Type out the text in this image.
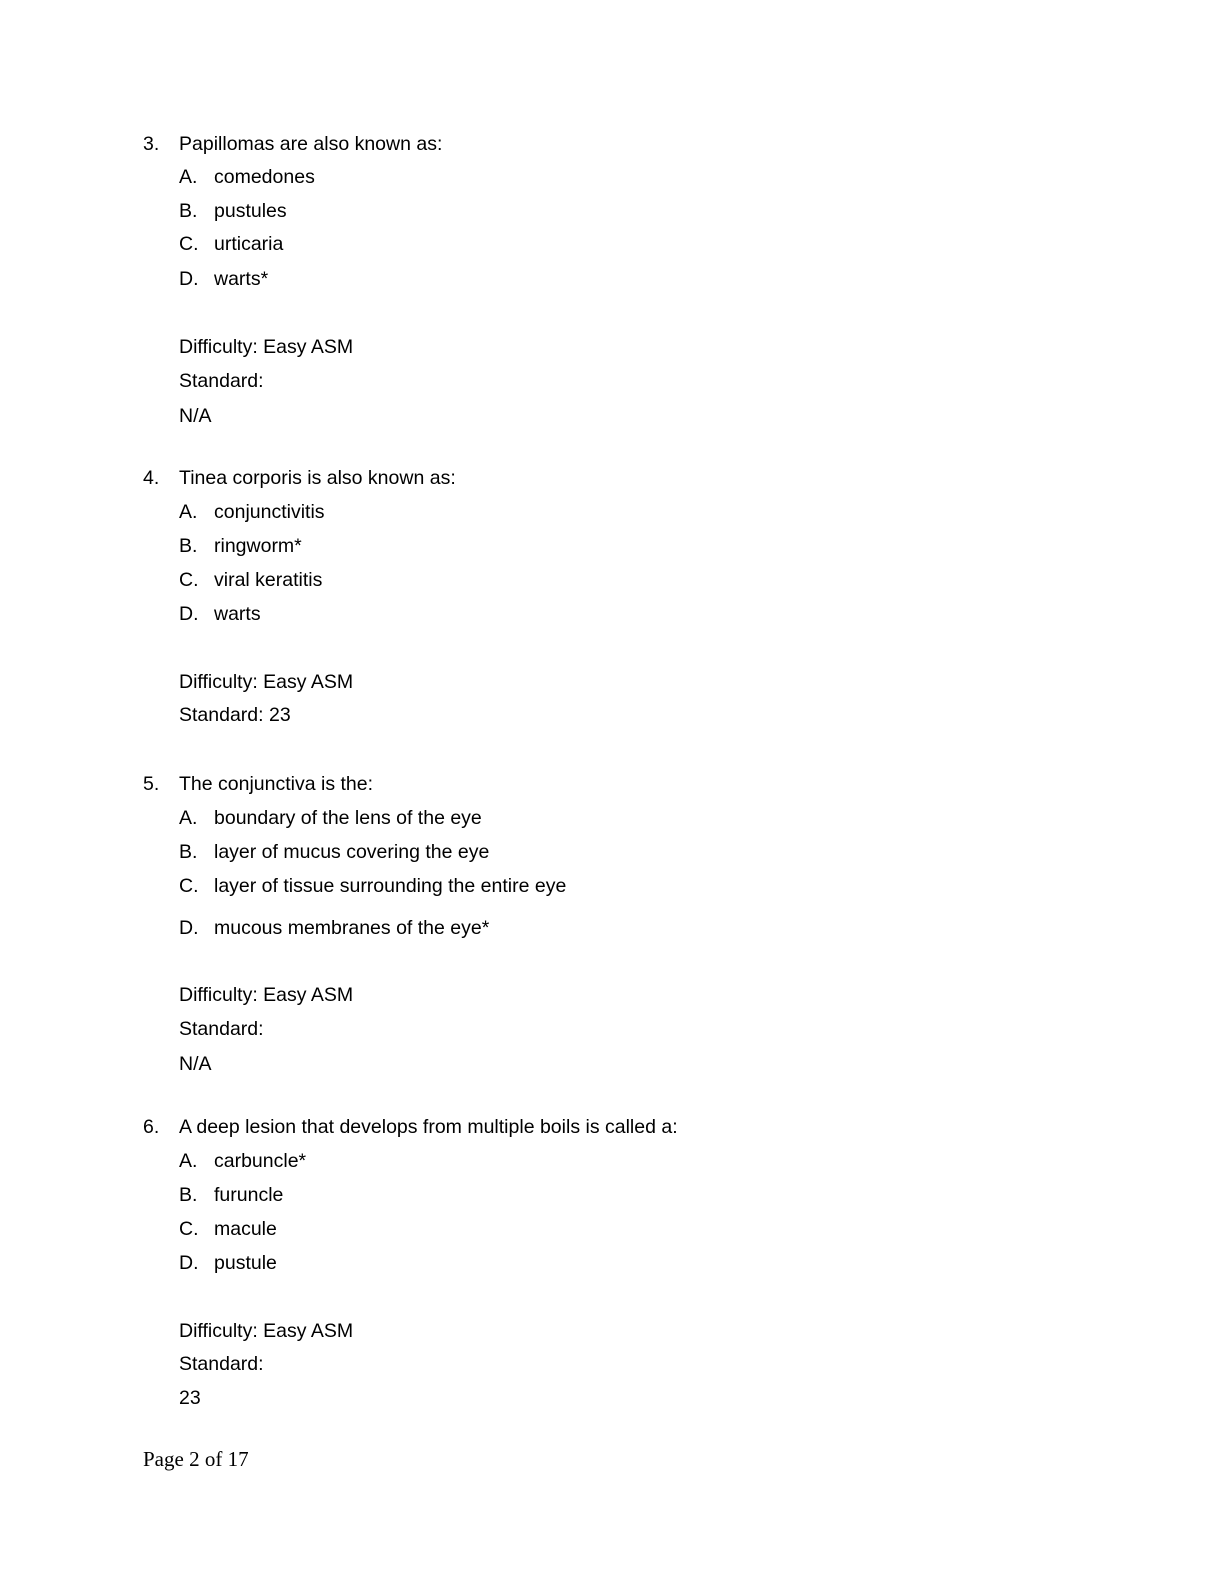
3. Papillomas are also known as:
A. comedones
B. pustules
C. urticaria
D. warts*
Difficulty: Easy ASM
Standard:
N/A
4. Tinea corporis is also known as:
A. conjunctivitis
B. ringworm*
C. viral keratitis
D. warts
Difficulty: Easy ASM
Standard: 23
5. The conjunctiva is the:
A. boundary of the lens of the eye
B. layer of mucus covering the eye
C. layer of tissue surrounding the entire eye
D. mucous membranes of the eye*
Difficulty: Easy ASM
Standard:
N/A
6. A deep lesion that develops from multiple boils is called a:
A. carbuncle*
B. furuncle
C. macule
D. pustule
Difficulty: Easy ASM
Standard:
23
Page 2 of 17
